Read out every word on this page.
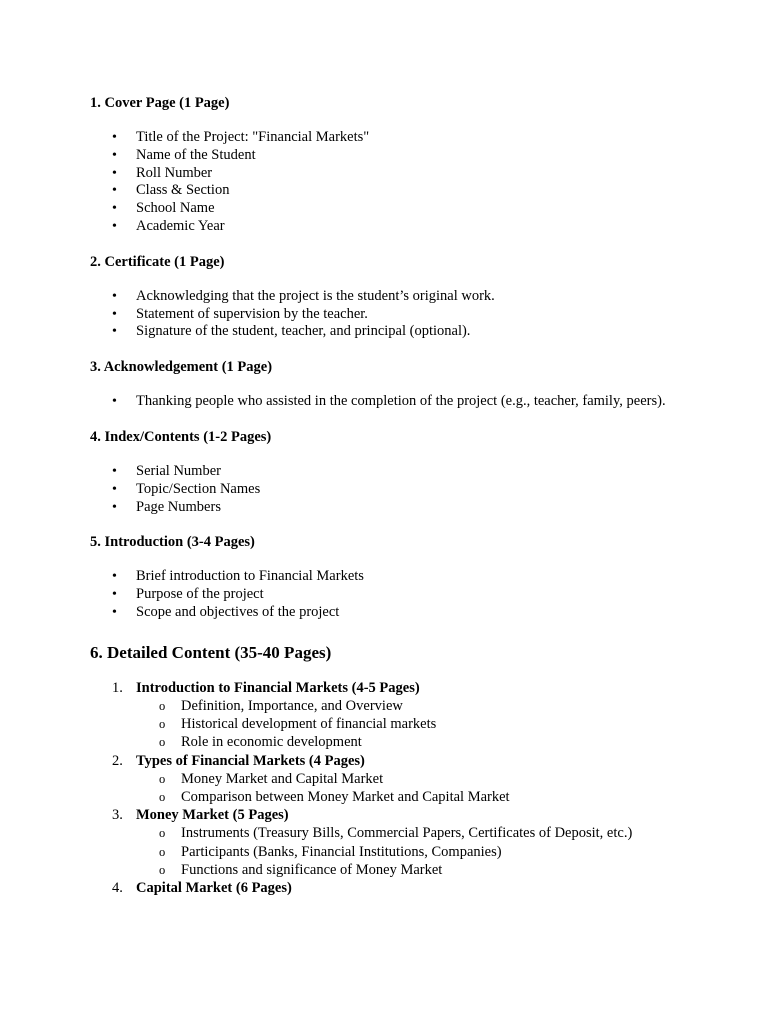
1. Cover Page (1 Page)

• Title of the Project: "Financial Markets"
• Name of the Student
• Roll Number
• Class & Section
• School Name
• Academic Year

2. Certificate (1 Page)

• Acknowledging that the project is the student’s original work.
• Statement of supervision by the teacher.
• Signature of the student, teacher, and principal (optional).

3. Acknowledgement (1 Page)

• Thanking people who assisted in the completion of the project (e.g., teacher, family, peers).

4. Index/Contents (1-2 Pages)

• Serial Number
• Topic/Section Names
• Page Numbers

5. Introduction (3-4 Pages)

• Brief introduction to Financial Markets
• Purpose of the project
• Scope and objectives of the project

6. Detailed Content (35-40 Pages)

1. Introduction to Financial Markets (4-5 Pages)
o Definition, Importance, and Overview
o Historical development of financial markets
o Role in economic development
2. Types of Financial Markets (4 Pages)
o Money Market and Capital Market
o Comparison between Money Market and Capital Market
3. Money Market (5 Pages)
o Instruments (Treasury Bills, Commercial Papers, Certificates of Deposit, etc.)
o Participants (Banks, Financial Institutions, Companies)
o Functions and significance of Money Market
4. Capital Market (6 Pages)
